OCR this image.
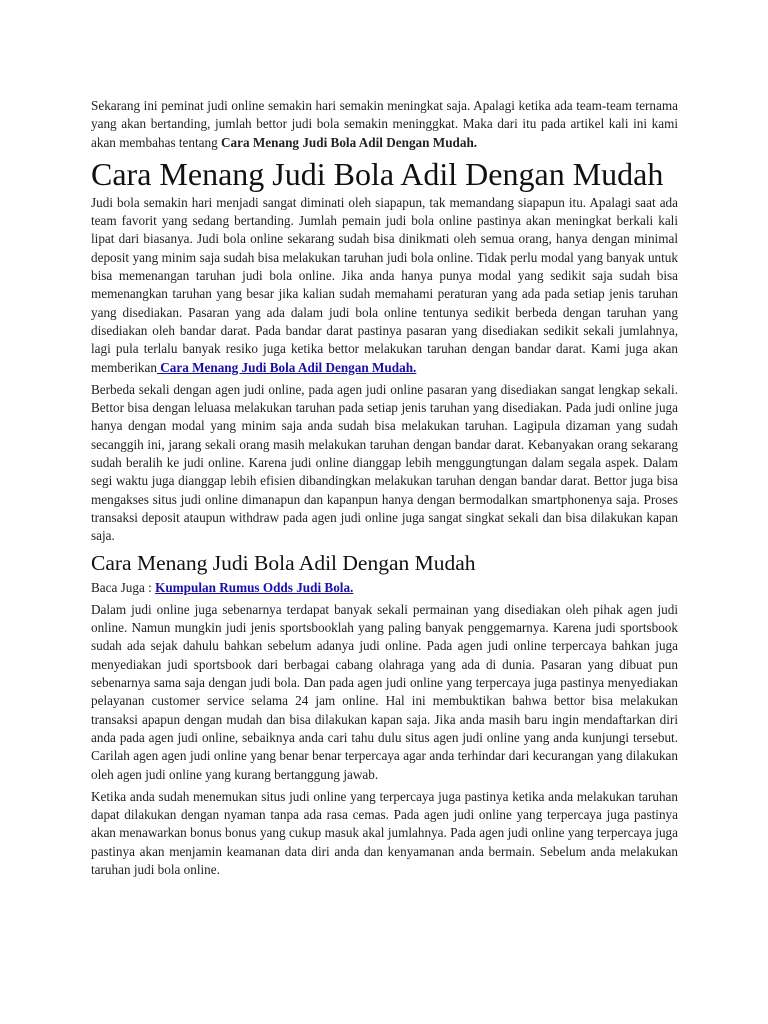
Sekarang ini peminat judi online semakin hari semakin meningkat saja. Apalagi ketika ada team-team ternama yang akan bertanding, jumlah bettor judi bola semakin meninggkat. Maka dari itu pada artikel kali ini kami akan membahas tentang Cara Menang Judi Bola Adil Dengan Mudah.

Cara Menang Judi Bola Adil Dengan Mudah

Judi bola semakin hari menjadi sangat diminati oleh siapapun, tak memandang siapapun itu. Apalagi saat ada team favorit yang sedang bertanding. Jumlah pemain judi bola online pastinya akan meningkat berkali kali lipat dari biasanya. Judi bola online sekarang sudah bisa dinikmati oleh semua orang, hanya dengan minimal deposit yang minim saja sudah bisa melakukan taruhan judi bola online. Tidak perlu modal yang banyak untuk bisa memenangan taruhan judi bola online. Jika anda hanya punya modal yang sedikit saja sudah bisa memenangkan taruhan yang besar jika kalian sudah memahami peraturan yang ada pada setiap jenis taruhan yang disediakan. Pasaran yang ada dalam judi bola online tentunya sedikit berbeda dengan taruhan yang disediakan oleh bandar darat. Pada bandar darat pastinya pasaran yang disediakan sedikit sekali jumlahnya, lagi pula terlalu banyak resiko juga ketika bettor melakukan taruhan dengan bandar darat. Kami juga akan memberikan Cara Menang Judi Bola Adil Dengan Mudah.

Berbeda sekali dengan agen judi online, pada agen judi online pasaran yang disediakan sangat lengkap sekali. Bettor bisa dengan leluasa melakukan taruhan pada setiap jenis taruhan yang disediakan. Pada judi online juga hanya dengan modal yang minim saja anda sudah bisa melakukan taruhan. Lagipula dizaman yang sudah secanggih ini, jarang sekali orang masih melakukan taruhan dengan bandar darat. Kebanyakan orang sekarang sudah beralih ke judi online. Karena judi online dianggap lebih menggungtungan dalam segala aspek. Dalam segi waktu juga dianggap lebih efisien dibandingkan melakukan taruhan dengan bandar darat. Bettor juga bisa mengakses situs judi online dimanapun dan kapanpun hanya dengan bermodalkan smartphonenya saja. Proses transaksi deposit ataupun withdraw pada agen judi online juga sangat singkat sekali dan bisa dilakukan kapan saja.

Cara Menang Judi Bola Adil Dengan Mudah

Baca Juga : Kumpulan Rumus Odds Judi Bola.

Dalam judi online juga sebenarnya terdapat banyak sekali permainan yang disediakan oleh pihak agen judi online. Namun mungkin judi jenis sportsbooklah yang paling banyak penggemarnya. Karena judi sportsbook sudah ada sejak dahulu bahkan sebelum adanya judi online. Pada agen judi online terpercaya bahkan juga menyediakan judi sportsbook dari berbagai cabang olahraga yang ada di dunia. Pasaran yang dibuat pun sebenarnya sama saja dengan judi bola. Dan pada agen judi online yang terpercaya juga pastinya menyediakan pelayanan customer service selama 24 jam online. Hal ini membuktikan bahwa bettor bisa melakukan transaksi apapun dengan mudah dan bisa dilakukan kapan saja. Jika anda masih baru ingin mendaftarkan diri anda pada agen judi online, sebaiknya anda cari tahu dulu situs agen judi online yang anda kunjungi tersebut. Carilah agen agen judi online yang benar benar terpercaya agar anda terhindar dari kecurangan yang dilakukan oleh agen judi online yang kurang bertanggung jawab.

Ketika anda sudah menemukan situs judi online yang terpercaya juga pastinya ketika anda melakukan taruhan dapat dilakukan dengan nyaman tanpa ada rasa cemas. Pada agen judi online yang terpercaya juga pastinya akan menawarkan bonus bonus yang cukup masuk akal jumlahnya. Pada agen judi online yang terpercaya juga pastinya akan menjamin keamanan data diri anda dan kenyamanan anda bermain. Sebelum anda melakukan taruhan judi bola online.
